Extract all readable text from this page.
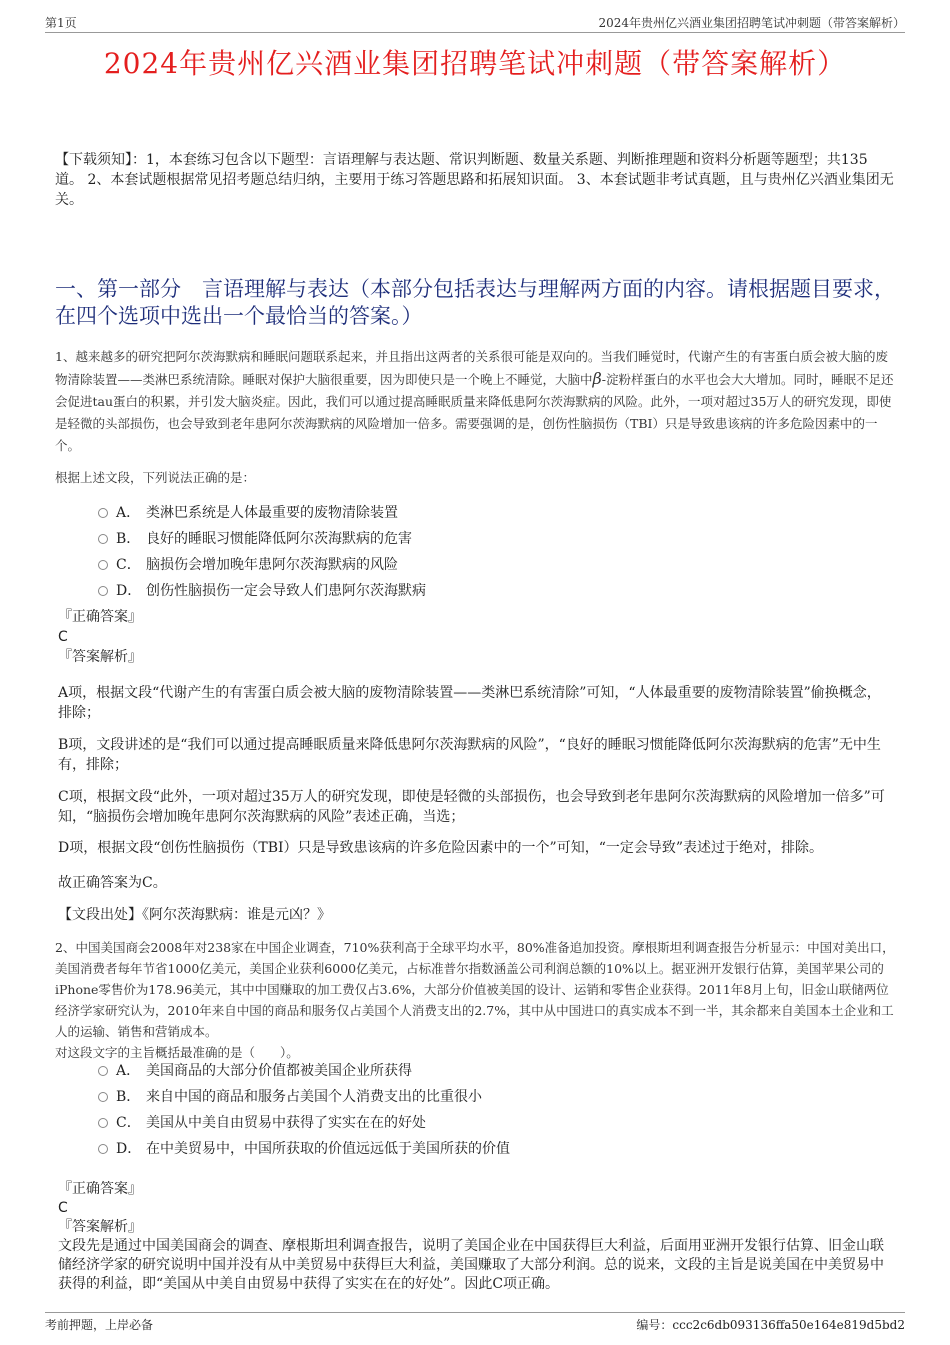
第1页	2024年贵州亿兴酒业集团招聘笔试冲刺题（带答案解析）
2024年贵州亿兴酒业集团招聘笔试冲刺题（带答案解析）
【下载须知】：1，本套练习包含以下题型：言语理解与表达题、常识判断题、数量关系题、判断推理题和资料分析题等题型；共135道。 2、本套试题根据常见招考题总结归纳，主要用于练习答题思路和拓展知识面。 3、本套试题非考试真题，且与贵州亿兴酒业集团无关。
一、第一部分　言语理解与表达（本部分包括表达与理解两方面的内容。请根据题目要求，在四个选项中选出一个最恰当的答案。）
1、越来越多的研究把阿尔茨海默病和睡眠问题联系起来，并且指出这两者的关系很可能是双向的。当我们睡觉时，代谢产生的有害蛋白质会被大脑的废物清除装置——类淋巴系统清除。睡眠对保护大脑很重要，因为即使只是一个晚上不睡觉，大脑中β-淀粉样蛋白的水平也会大大增加。同时，睡眠不足还会促进tau蛋白的积累，并引发大脑炎症。因此，我们可以通过提高睡眠质量来降低患阿尔茨海默病的风险。此外，一项对超过35万人的研究发现，即使是轻微的头部损伤，也会导致到老年患阿尔茨海默病的风险增加一倍多。需要强调的是，创伤性脑损伤（TBI）只是导致患该病的许多危险因素中的一个。
根据上述文段，下列说法正确的是：
A． 类淋巴系统是人体最重要的废物清除装置
B． 良好的睡眠习惯能降低阿尔茨海默病的危害
C． 脑损伤会增加晚年患阿尔茨海默病的风险
D． 创伤性脑损伤一定会导致人们患阿尔茨海默病
『正确答案』
C
『答案解析』
A项，根据文段“代谢产生的有害蛋白质会被大脑的废物清除装置——类淋巴系统清除”可知，“人体最重要的废物清除装置”偷换概念，排除；
B项，文段讲述的是“我们可以通过提高睡眠质量来降低患阿尔茨海默病的风险”，“良好的睡眠习惯能降低阿尔茨海默病的危害”无中生有，排除；
C项，根据文段“此外，一项对超过35万人的研究发现，即使是轻微的头部损伤，也会导致到老年患阿尔茨海默病的风险增加一倍多”可知，“脑损伤会增加晚年患阿尔茨海默病的风险”表述正确，当选；
D项，根据文段“创伤性脑损伤（TBI）只是导致患该病的许多危险因素中的一个”可知，“一定会导致”表述过于绝对，排除。
故正确答案为C。
【文段出处】《阿尔茨海默病：谁是元凶？》
2、中国美国商会2008年对238家在中国企业调查，710%获利高于全球平均水平，80%准备追加投资。摩根斯坦利调查报告分析显示：中国对美出口，美国消费者每年节省1000亿美元，美国企业获利6000亿美元，占标准普尔指数涵盖公司利润总额的10%以上。据亚洲开发银行估算，美国苹果公司的iPhone零售价为178.96美元，其中中国赚取的加工费仅占3.6%，大部分价值被美国的设计、运销和零售企业获得。2011年8月上旬，旧金山联储两位经济学家研究认为，2010年来自中国的商品和服务仅占美国个人消费支出的2.7%，其中从中国进口的真实成本不到一半，其余都来自美国本土企业和工人的运输、销售和营销成本。
对这段文字的主旨概括最准确的是（　　）。
A． 美国商品的大部分价值都被美国企业所获得
B． 来自中国的商品和服务占美国个人消费支出的比重很小
C． 美国从中美自由贸易中获得了实实在在的好处
D． 在中美贸易中，中国所获取的价值远远低于美国所获的价值
『正确答案』
C
『答案解析』
文段先是通过中国美国商会的调查、摩根斯坦利调查报告，说明了美国企业在中国获得巨大利益，后面用亚洲开发银行估算、旧金山联储经济学家的研究说明中国并没有从中美贸易中获得巨大利益，美国赚取了大部分利润。总的说来，文段的主旨是说美国在中美贸易中获得的利益，即“美国从中美自由贸易中获得了实实在在的好处”。因此C项正确。
考前押题，上岸必备	编号：ccc2c6db093136ffa50e164e819d5bd2
